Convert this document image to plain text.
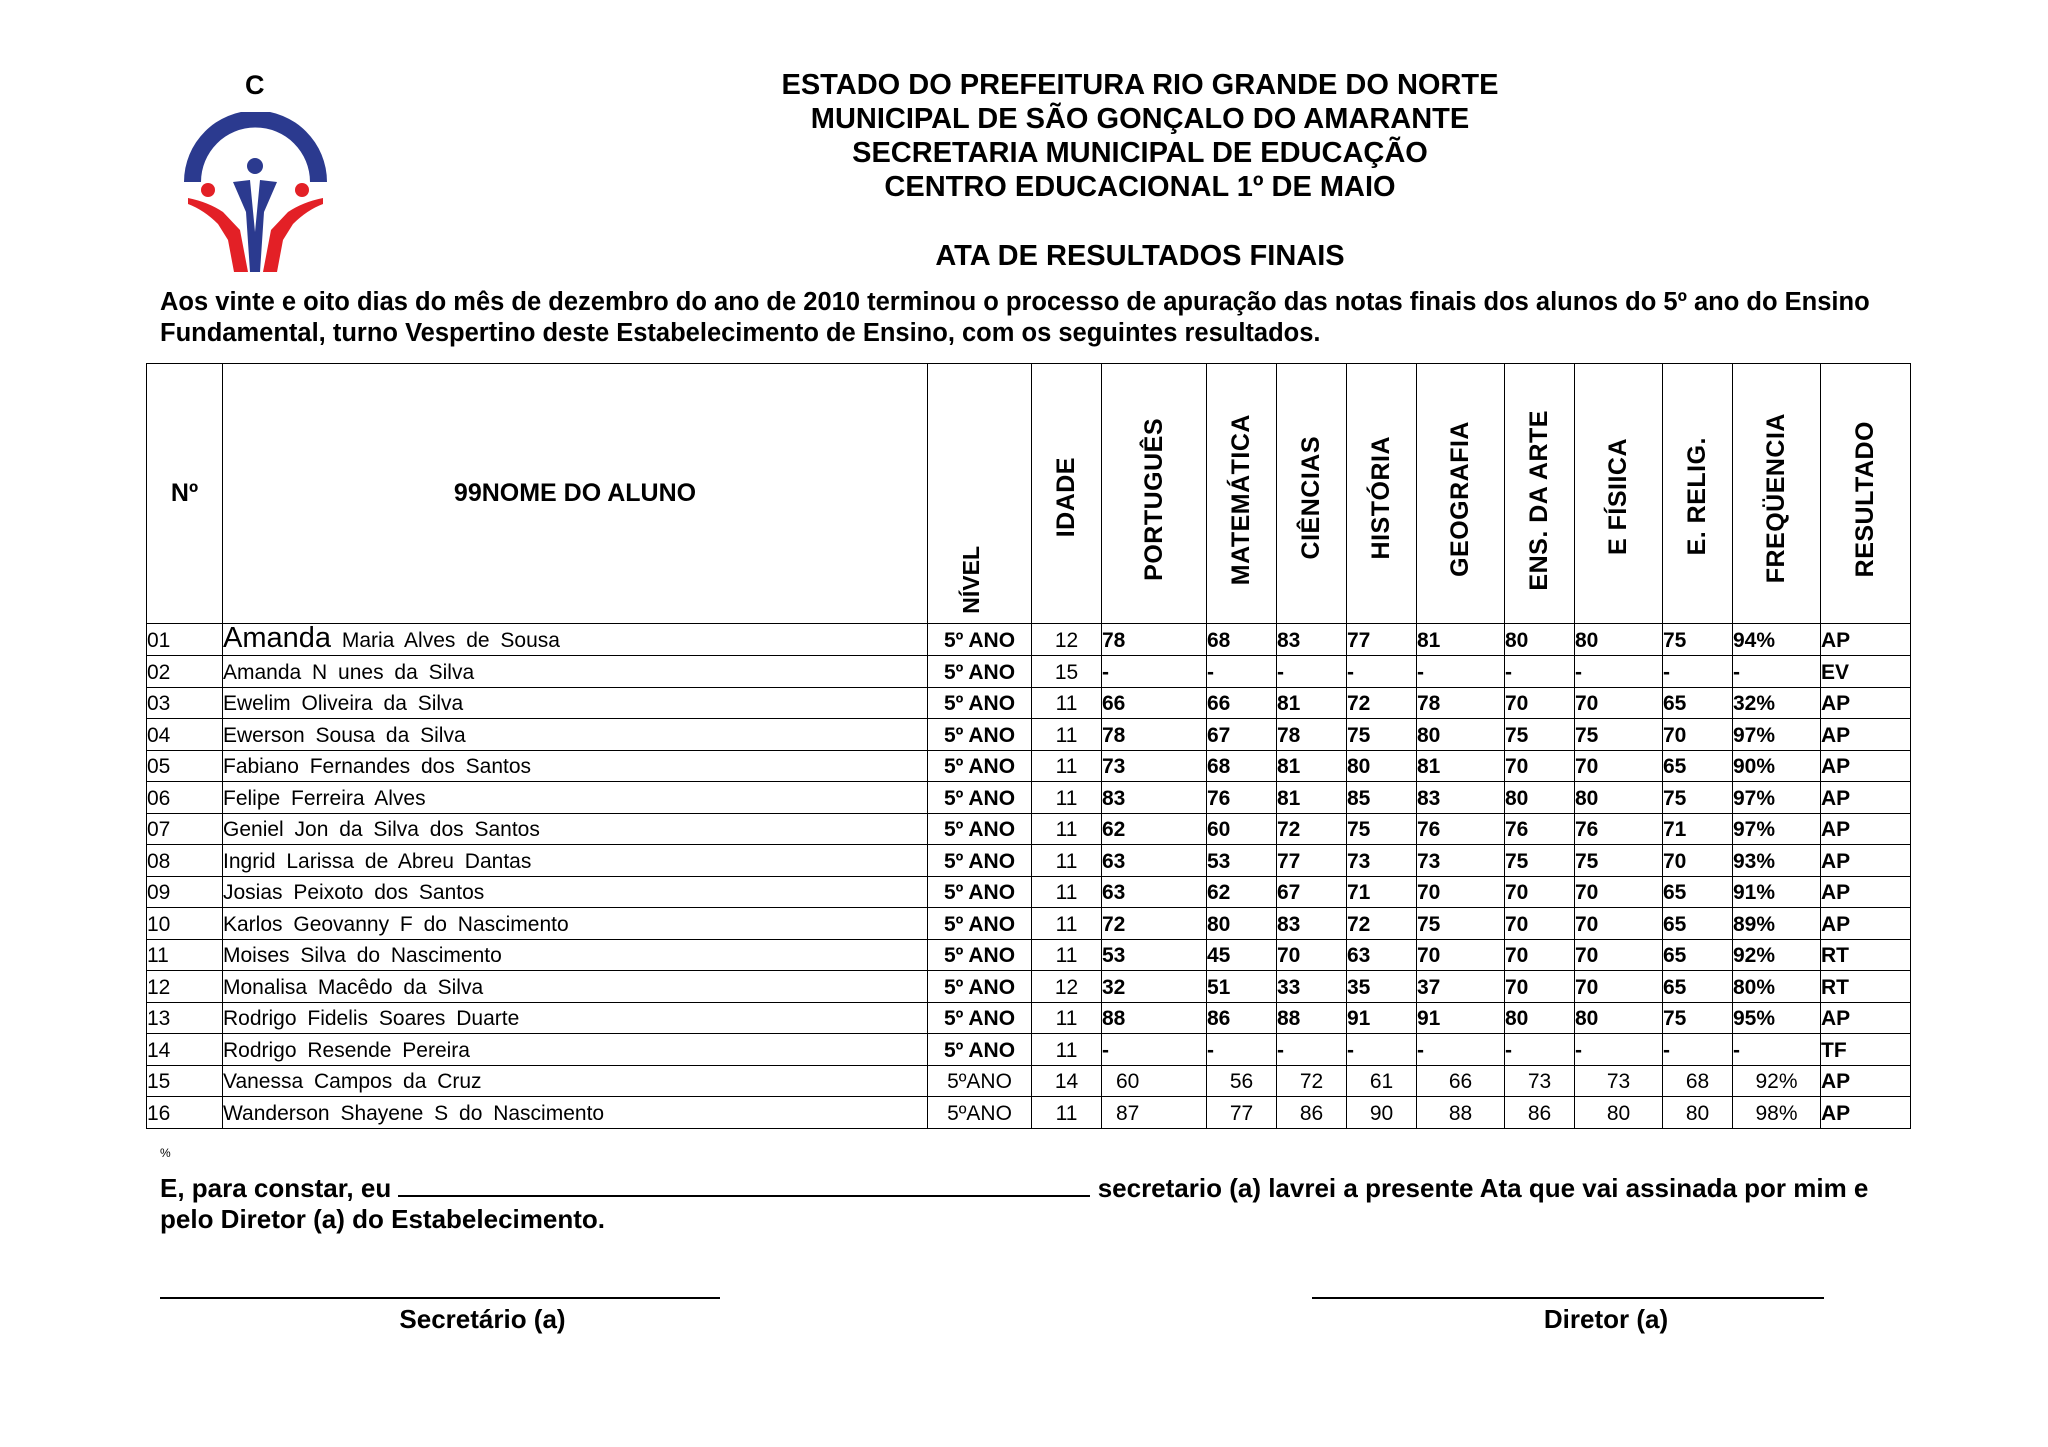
C	ESTADO DO PREFEITURA RIO GRANDE DO NORTE
MUNICIPAL DE SÃO GONÇALO DO AMARANTE
SECRETARIA MUNICIPAL DE EDUCAÇÃO
CENTRO EDUCACIONAL 1º DE MAIO
ATA DE RESULTADOS FINAIS
Aos vinte e oito dias do mês de dezembro do ano de 2010 terminou o processo de apuração das notas finais dos alunos do 5º ano do Ensino Fundamental, turno Vespertino deste Estabelecimento de Ensino, com os seguintes resultados.
Nº	99NOME DO ALUNO	NÍVEL	IDADE	PORTUGUÊS	MATEMÁTICA	CIÊNCIAS	HISTÓRIA	GEOGRAFIA	ENS. DA ARTE	E FÍSIICA	E. RELIG.	FREQÜENCIA	RESULTADO

01	Amanda Maria Alves de Sousa	5º ANO	12	78	68	83	77	81	80	80	75	94%	AP
02	Amanda N unes da Silva	5º ANO	15	-	-	-	-	-	-	-	-	-	EV
03	Ewelim Oliveira da Silva	5º ANO	11	66	66	81	72	78	70	70	65	32%	AP
04	Ewerson Sousa da Silva	5º ANO	11	78	67	78	75	80	75	75	70	97%	AP
05	Fabiano Fernandes dos Santos	5º ANO	11	73	68	81	80	81	70	70	65	90%	AP
06	Felipe Ferreira Alves	5º ANO	11	83	76	81	85	83	80	80	75	97%	AP
07	Geniel Jon da Silva dos Santos	5º ANO	11	62	60	72	75	76	76	76	71	97%	AP
08	Ingrid Larissa de Abreu Dantas	5º ANO	11	63	53	77	73	73	75	75	70	93%	AP
09	Josias Peixoto dos Santos	5º ANO	11	63	62	67	71	70	70	70	65	91%	AP
10	Karlos Geovanny F do Nascimento	5º ANO	11	72	80	83	72	75	70	70	65	89%	AP
11	Moises Silva do Nascimento	5º ANO	11	53	45	70	63	70	70	70	65	92%	RT
12	Monalisa Macêdo da Silva	5º ANO	12	32	51	33	35	37	70	70	65	80%	RT
13	Rodrigo Fidelis Soares Duarte	5º ANO	11	88	86	88	91	91	80	80	75	95%	AP
14	Rodrigo Resende Pereira	5º ANO	11	-	-	-	-	-	-	-	-	-	TF
15	Vanessa Campos da Cruz	5ºANO	14	60	56	72	61	66	73	73	68	92%	AP
16	Wanderson Shayene S do Nascimento	5ºANO	11	87	77	86	90	88	86	80	80	98%	AP
%
E, para constar, eu	secretario (a) lavrei a presente Ata que vai assinada por mim e pelo Diretor (a) do Estabelecimento.
Secretário (a)	Diretor (a)
